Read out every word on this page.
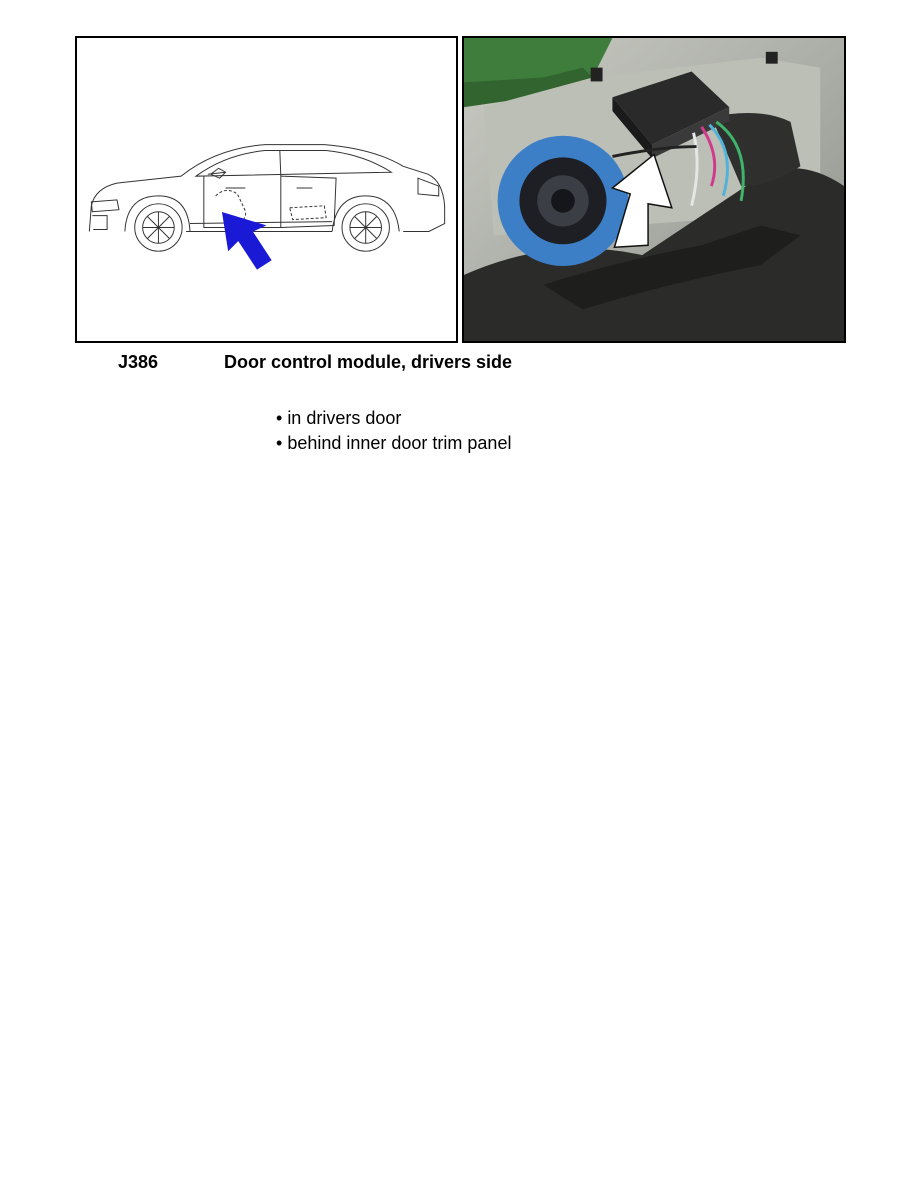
J386	Door control module, drivers side
• in drivers door
• behind inner door trim panel
